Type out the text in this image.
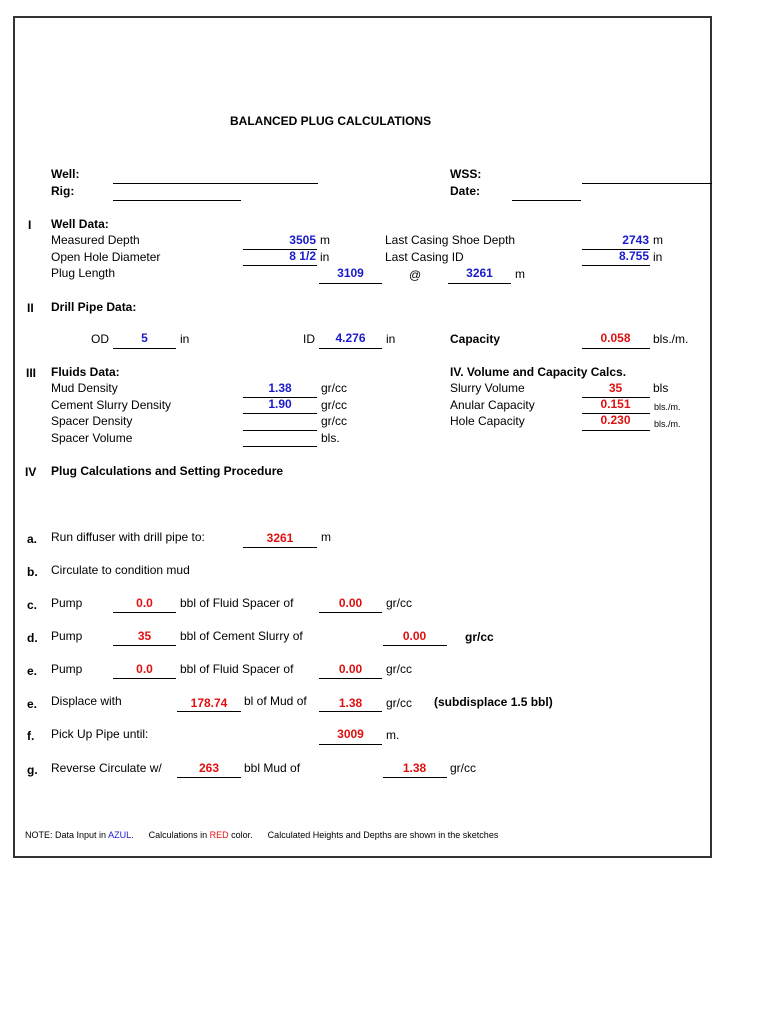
BALANCED PLUG CALCULATIONS
Well:
Rig:
WSS:
Date:
I Well Data:
Measured Depth	3505 m
Open Hole Diameter	8 1/2 in
Plug Length	3109	@	3261	m
Last Casing Shoe Depth	2743 m
Last Casing ID	8.755 in
II Drill Pipe Data:
OD	5	in	ID	4.276	in	Capacity	0.058	bls./m.
III Fluids Data:
Mud Density	1.38	gr/cc
Cement Slurry Density	1.90	gr/cc
Spacer Density	gr/cc
Spacer Volume	bls.
IV. Volume and Capacity Calcs.
Slurry Volume	35	bls
Anular Capacity	0.151	bls./m.
Hole Capacity	0.230	bls./m.
IV Plug Calculations and Setting Procedure
a. Run diffuser with drill pipe to:	3261	m
b. Circulate to condition mud
c. Pump	0.0	bbl of Fluid Spacer of	0.00	gr/cc
d. Pump	35	bbl of Cement Slurry of	0.00	gr/cc
e. Pump	0.0	bbl of Fluid Spacer of	0.00	gr/cc
e. Displace with	178.74	bl of Mud of	1.38	gr/cc (subdisplace 1.5 bbl)
f. Pick Up Pipe until:	3009	m.
g. Reverse Circulate w/	263	bbl Mud of	1.38	gr/cc
NOTE: Data Input in AZUL.      Calculations in RED color.      Calculated Heights and Depths are shown in the sketches
